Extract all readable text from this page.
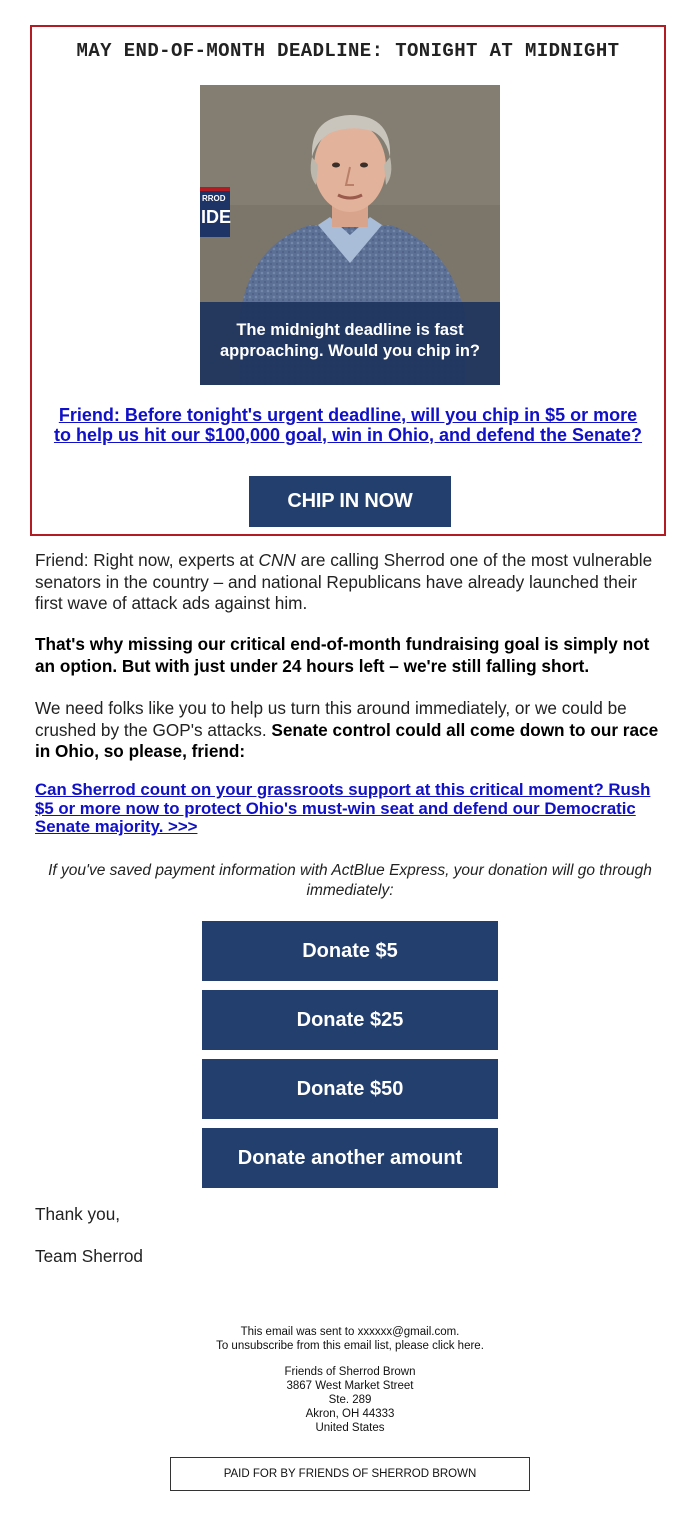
MAY END-OF-MONTH DEADLINE: TONIGHT AT MIDNIGHT
RROD
IDE
The midnight deadline is fast
approaching. Would you chip in?
Friend: Before tonight's urgent deadline, will you chip in $5 or more to help us hit our $100,000 goal, win in Ohio, and defend the Senate?
CHIP IN NOW
Friend: Right now, experts at CNN are calling Sherrod one of the most vulnerable senators in the country – and national Republicans have already launched their first wave of attack ads against him.
That's why missing our critical end-of-month fundraising goal is simply not an option. But with just under 24 hours left – we're still falling short.
We need folks like you to help us turn this around immediately, or we could be crushed by the GOP's attacks. Senate control could all come down to our race in Ohio, so please, friend:
Can Sherrod count on your grassroots support at this critical moment? Rush $5 or more now to protect Ohio's must-win seat and defend our Democratic Senate majority. >>>
If you've saved payment information with ActBlue Express, your donation will go through immediately:
Donate $5
Donate $25
Donate $50
Donate another amount
Thank you,
Team Sherrod
This email was sent to xxxxxx@gmail.com.
To unsubscribe from this email list, please click here.
Friends of Sherrod Brown
3867 West Market Street
Ste. 289
Akron, OH 44333
United States
PAID FOR BY FRIENDS OF SHERROD BROWN
